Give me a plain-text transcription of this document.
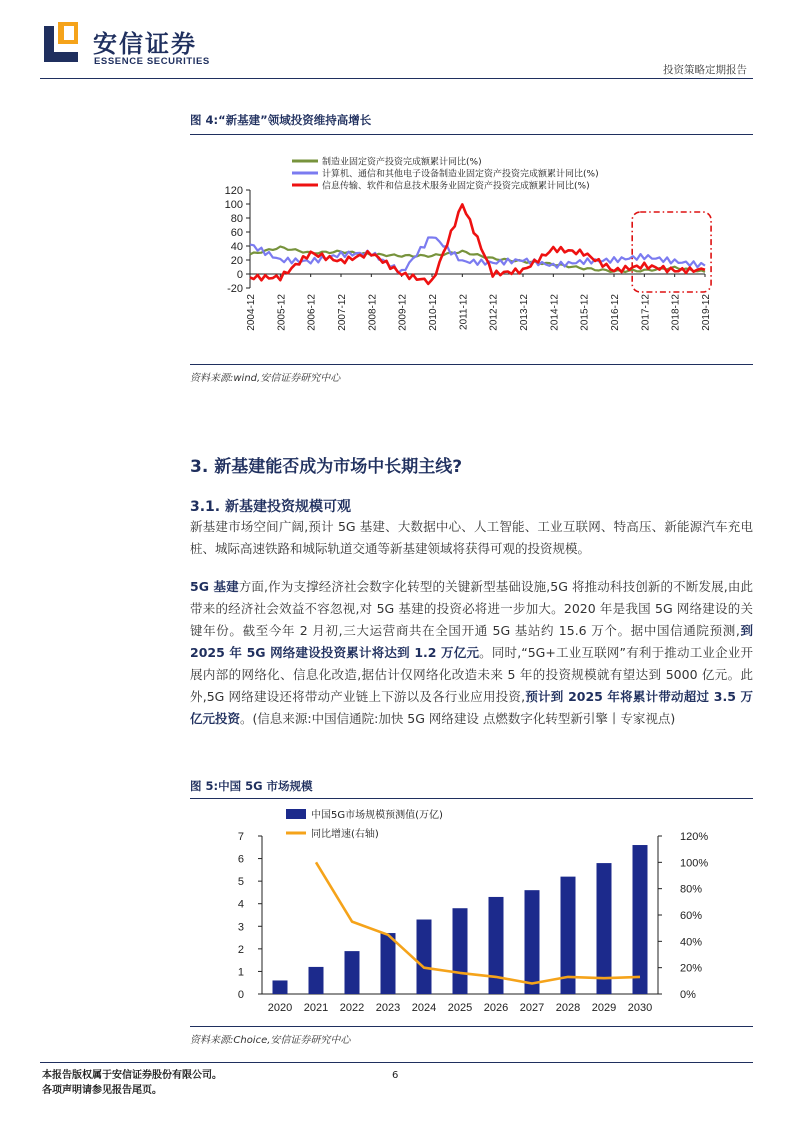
安信证券
ESSENCE SECURITIES
投资策略定期报告
图 4:“新基建”领域投资维持高增长
制造业固定资产投资完成额累计同比(%)
计算机、通信和其他电子设备制造业固定资产投资完成额累计同比(%)
信息传输、软件和信息技术服务业固定资产投资完成额累计同比(%)
120
100
80
60
40
20
0
-20
2004-12 2005-12 2006-12 2007-12 2008-12 2009-12 2010-12 2011-12 2012-12 2013-12 2014-12 2015-12 2016-12 2017-12 2018-12 2019-12
资料来源:wind,安信证券研究中心
3. 新基建能否成为市场中长期主线?
3.1. 新基建投资规模可观
新基建市场空间广阔,预计 5G 基建、大数据中心、人工智能、工业互联网、特高压、新能源汽车充电桩、城际高速铁路和城际轨道交通等新基建领域将获得可观的投资规模。
5G 基建方面,作为支撑经济社会数字化转型的关键新型基础设施,5G 将推动科技创新的不断发展,由此带来的经济社会效益不容忽视,对 5G 基建的投资必将进一步加大。2020 年是我国 5G 网络建设的关键年份。截至今年 2 月初,三大运营商共在全国开通 5G 基站约 15.6 万个。据中国信通院预测,到 2025 年 5G 网络建设投资累计将达到 1.2 万亿元。同时,“5G+工业互联网”有利于推动工业企业开展内部的网络化、信息化改造,据估计仅网络化改造未来 5 年的投资规模就有望达到 5000 亿元。此外,5G 网络建设还将带动产业链上下游以及各行业应用投资,预计到 2025 年将累计带动超过 3.5 万亿元投资。(信息来源:中国信通院:加快 5G 网络建设 点燃数字化转型新引擎丨专家视点)
图 5:中国 5G 市场规模
中国5G市场规模预测值(万亿)
同比增速(右轴)
7
6
5
4
3
2
1
0
120%
100%
80%
60%
40%
20%
0%
2020 2021 2022 2023 2024 2025 2026 2027 2028 2029 2030
资料来源:Choice,安信证券研究中心
本报告版权属于安信证券股份有限公司。
各项声明请参见报告尾页。
6
